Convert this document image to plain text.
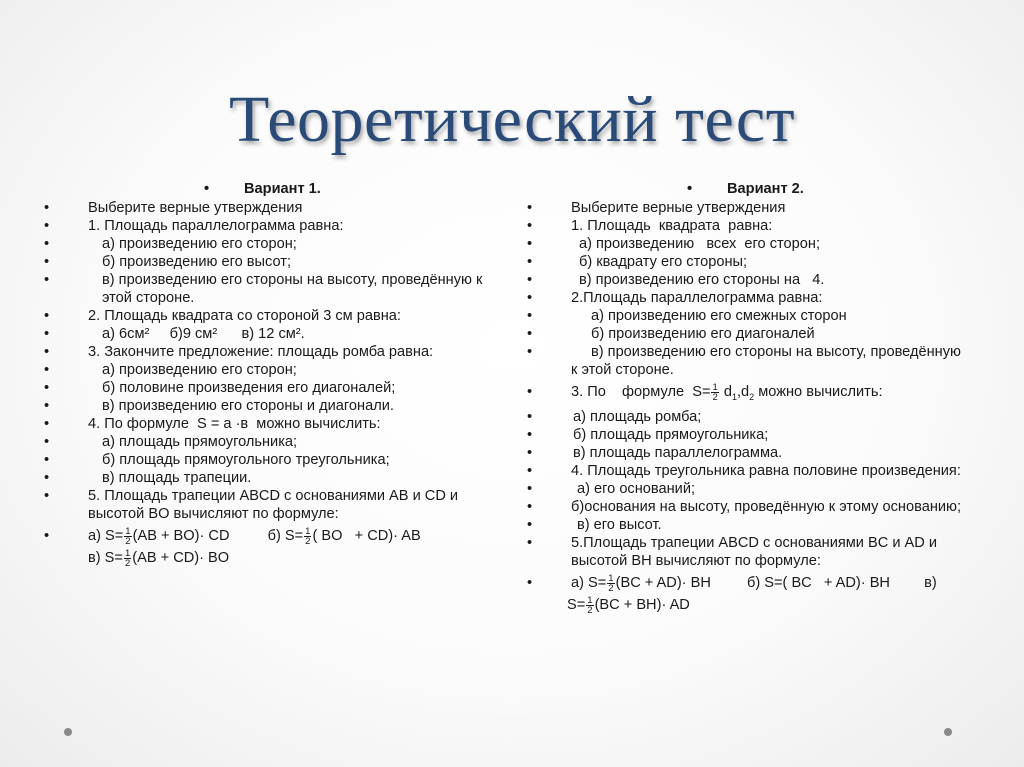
Теоретический тест
• Вариант 1.
•	Выберите верные утверждения
•	1. Площадь параллелограмма равна:
•	а) произведению его сторон;
•	б) произведению его высот;
•	в) произведению его стороны на высоту, проведённую к этой стороне.
•	2. Площадь квадрата со стороной 3 см равна:
•	а) 6см²     б)9 см²      в) 12 см².
•	3. Закончите предложение: площадь ромба равна:
•	а) произведению его сторон;
•	б) половине произведения его диагоналей;
•	в) произведению его стороны и диагонали.
•	4. По формуле  S = a ·в  можно вычислить:
•	а) площадь прямоугольника;
•	б) площадь прямоугольного треугольника;
•	в) площадь трапеции.
•	5. Площадь трапеции ABCD с основаниями AB и CD и высотой BO вычисляют по формуле:
•	а) $S= \frac{1}{2} (AB + BO)\cdot$ CD	б) $S= \frac{1}{2}$ ( BO   + CD)· AB
в) $S= \frac{1}{2} (AB + CD)\cdot$ BO
• Вариант 2.
•	Выберите верные утверждения
•	1. Площадь  квадрата  равна:
•	а) произведению   всех  его сторон;
•	б) квадрату его стороны;
•	в) произведению его стороны на   4.
•	2.Площадь параллелограмма равна:
•	а) произведению его смежных сторон
•	б) произведению его диагоналей
•	в) произведению его стороны на высоту, проведённую к этой стороне.
•	3. По    формуле  $S= \frac{1}{2} d_1,d_2$ можно вычислить:
•	а) площадь ромба;
•	б) площадь прямоугольника;
•	в) площадь параллелограмма.
•	4. Площадь треугольника равна половине произведения:
•	а) его оснований;
•	б)основания на высоту, проведённую к этому основанию;
•	в) его высот.
•	5.Площадь трапеции ABCD с основаниями BC и AD и высотой BH вычисляют по формуле:
•	а) $S= \frac{1}{2} (BC + AD)\cdot$ BH б) S=( BC   + AD)· BH в)
$S= \frac{1}{2} (BC + BH)\cdot$ AD
